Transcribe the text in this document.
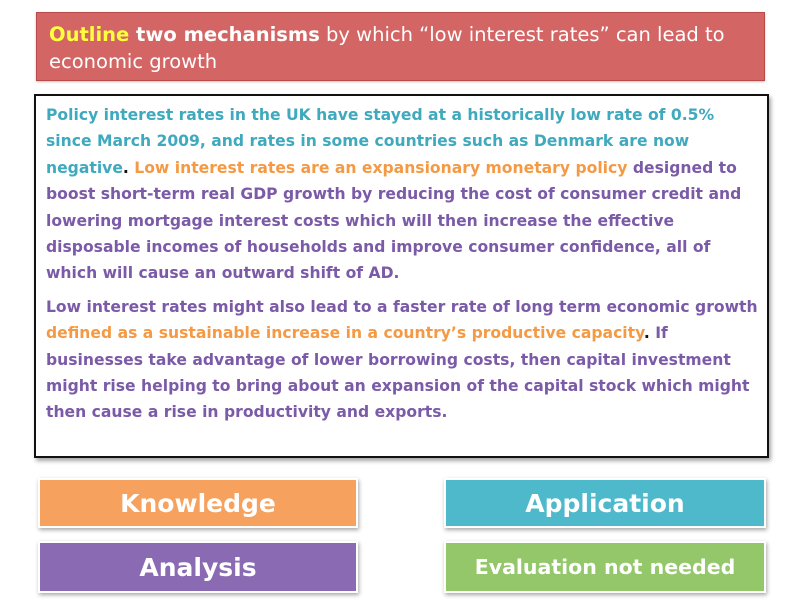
Outline two mechanisms by which “low interest rates” can lead to economic growth

Policy interest rates in the UK have stayed at a historically low rate of 0.5% since March 2009, and rates in some countries such as Denmark are now negative. Low interest rates are an expansionary monetary policy designed to boost short-term real GDP growth by reducing the cost of consumer credit and lowering mortgage interest costs which will then increase the effective disposable incomes of households and improve consumer confidence, all of which will cause an outward shift of AD.

Low interest rates might also lead to a faster rate of long term economic growth defined as a sustainable increase in a country’s productive capacity. If businesses take advantage of lower borrowing costs, then capital investment might rise helping to bring about an expansion of the capital stock which might then cause a rise in productivity and exports.

Knowledge	Application
Analysis	Evaluation not needed
